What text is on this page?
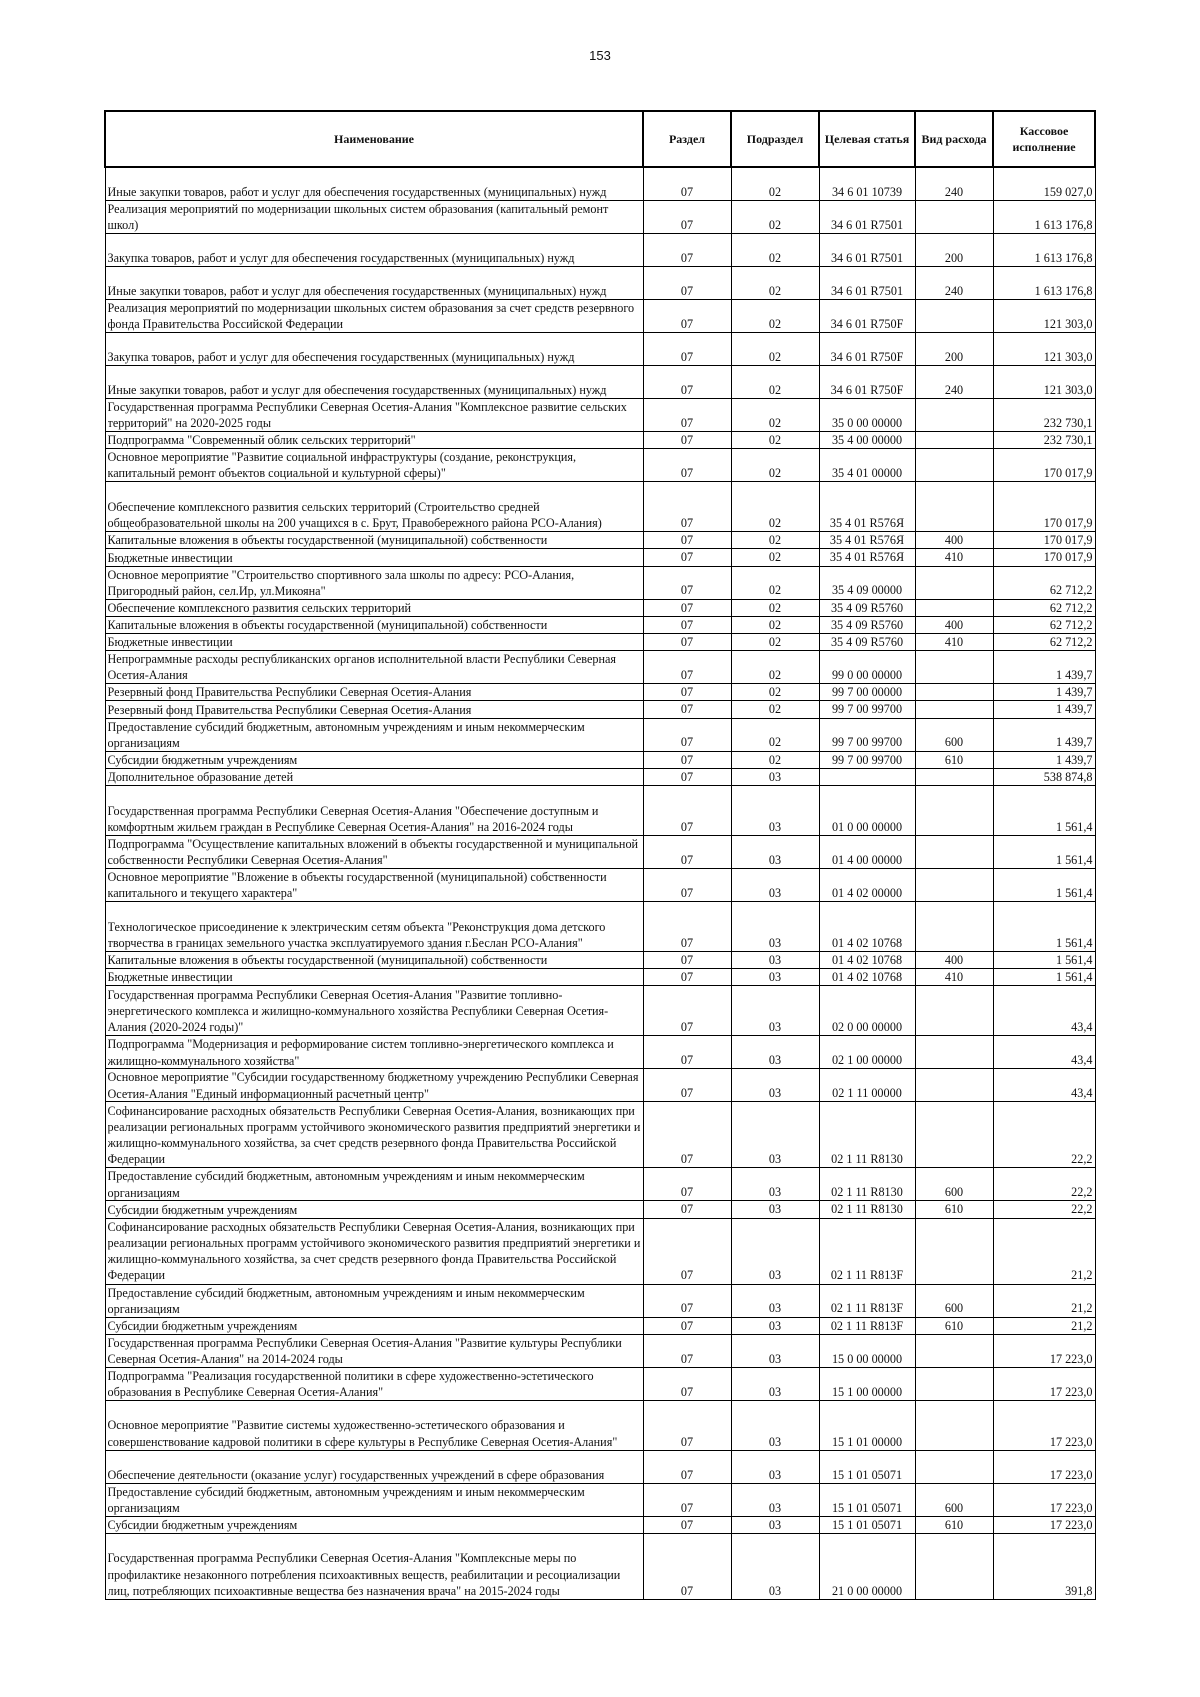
153
Наименование	Раздел	Подраздел	Целевая статья	Вид расхода	Кассовое исполнение

Иные закупки товаров, работ и услуг для обеспечения государственных (муниципальных) нужд	07	02	34 6 01 10739	240	159 027,0

Реализация мероприятий по модернизации школьных систем образования (капитальный ремонт школ)	07	02	34 6 01 R7501		1 613 176,8

Закупка товаров, работ и услуг для обеспечения государственных (муниципальных) нужд	07	02	34 6 01 R7501	200	1 613 176,8

Иные закупки товаров, работ и услуг для обеспечения государственных (муниципальных) нужд	07	02	34 6 01 R7501	240	1 613 176,8

Реализация мероприятий по модернизации школьных систем образования за счет средств резервного фонда Правительства Российской Федерации	07	02	34 6 01 R750F		121 303,0

Закупка товаров, работ и услуг для обеспечения государственных (муниципальных) нужд	07	02	34 6 01 R750F	200	121 303,0

Иные закупки товаров, работ и услуг для обеспечения государственных (муниципальных) нужд	07	02	34 6 01 R750F	240	121 303,0

Государственная программа Республики Северная Осетия-Алания "Комплексное развитие сельских территорий" на 2020-2025 годы	07	02	35 0 00 00000		232 730,1

Подпрограмма "Современный облик сельских территорий"	07	02	35 4 00 00000		232 730,1

Основное мероприятие "Развитие социальной инфраструктуры (создание, реконструкция, капитальный ремонт объектов социальной и культурной сферы)"	07	02	35 4 01 00000		170 017,9

Обеспечение комплексного развития сельских территорий (Строительство средней общеобразовательной школы на 200 учащихся в с. Брут, Правобережного района РСО-Алания)	07	02	35 4 01 R576Я		170 017,9

Капитальные вложения в объекты государственной (муниципальной) собственности	07	02	35 4 01 R576Я	400	170 017,9

Бюджетные инвестиции	07	02	35 4 01 R576Я	410	170 017,9

Основное мероприятие "Строительство спортивного зала школы по адресу: РСО-Алания, Пригородный район, сел.Ир, ул.Микояна"	07	02	35 4 09 00000		62 712,2

Обеспечение комплексного развития сельских территорий	07	02	35 4 09 R5760		62 712,2

Капитальные вложения в объекты государственной (муниципальной) собственности	07	02	35 4 09 R5760	400	62 712,2

Бюджетные инвестиции	07	02	35 4 09 R5760	410	62 712,2

Непрограммные расходы республиканских органов исполнительной власти Республики Северная Осетия-Алания	07	02	99 0 00 00000		1 439,7

Резервный фонд Правительства Республики Северная Осетия-Алания	07	02	99 7 00 00000		1 439,7

Резервный фонд Правительства Республики Северная Осетия-Алания	07	02	99 7 00 99700		1 439,7

Предоставление субсидий бюджетным, автономным учреждениям и иным некоммерческим организациям	07	02	99 7 00 99700	600	1 439,7

Субсидии бюджетным учреждениям	07	02	99 7 00 99700	610	1 439,7

Дополнительное образование детей	07	03			538 874,8

Государственная программа Республики Северная Осетия-Алания "Обеспечение доступным и комфортным жильем граждан в Республике Северная Осетия-Алания" на 2016-2024 годы	07	03	01 0 00 00000		1 561,4

Подпрограмма "Осуществление капитальных вложений в объекты государственной и муниципальной собственности Республики Северная Осетия-Алания"	07	03	01 4 00 00000		1 561,4

Основное мероприятие "Вложение в объекты государственной (муниципальной) собственности капитального и текущего характера"	07	03	01 4 02 00000		1 561,4

Технологическое присоединение к электрическим сетям объекта "Реконструкция дома детского творчества в границах земельного участка эксплуатируемого здания г.Беслан РСО-Алания"	07	03	01 4 02 10768		1 561,4

Капитальные вложения в объекты государственной (муниципальной) собственности	07	03	01 4 02 10768	400	1 561,4

Бюджетные инвестиции	07	03	01 4 02 10768	410	1 561,4

Государственная программа Республики Северная Осетия-Алания "Развитие топливно-энергетического комплекса и жилищно-коммунального хозяйства Республики Северная Осетия-Алания (2020-2024 годы)"	07	03	02 0 00 00000		43,4

Подпрограмма "Модернизация и реформирование систем топливно-энергетического комплекса и жилищно-коммунального хозяйства"	07	03	02 1 00 00000		43,4

Основное мероприятие "Субсидии государственному бюджетному учреждению Республики Северная Осетия-Алания "Единый информационный расчетный центр"	07	03	02 1 11 00000		43,4

Софинансирование расходных обязательств Республики Северная Осетия-Алания, возникающих при реализации региональных программ устойчивого экономического развития предприятий энергетики и жилищно-коммунального хозяйства, за счет средств резервного фонда Правительства Российской Федерации	07	03	02 1 11 R8130		22,2

Предоставление субсидий бюджетным, автономным учреждениям и иным некоммерческим организациям	07	03	02 1 11 R8130	600	22,2

Субсидии бюджетным учреждениям	07	03	02 1 11 R8130	610	22,2

Софинансирование расходных обязательств Республики Северная Осетия-Алания, возникающих при реализации региональных программ устойчивого экономического развития предприятий энергетики и жилищно-коммунального хозяйства, за счет средств резервного фонда Правительства Российской Федерации	07	03	02 1 11 R813F		21,2

Предоставление субсидий бюджетным, автономным учреждениям и иным некоммерческим организациям	07	03	02 1 11 R813F	600	21,2

Субсидии бюджетным учреждениям	07	03	02 1 11 R813F	610	21,2

Государственная программа Республики Северная Осетия-Алания "Развитие культуры Республики Северная Осетия-Алания" на 2014-2024 годы	07	03	15 0 00 00000		17 223,0

Подпрограмма "Реализация государственной политики в сфере художественно-эстетического образования в Республике Северная Осетия-Алания"	07	03	15 1 00 00000		17 223,0

Основное мероприятие "Развитие системы художественно-эстетического образования и совершенствование кадровой политики в сфере культуры в Республике Северная Осетия-Алания"	07	03	15 1 01 00000		17 223,0

Обеспечение деятельности (оказание услуг) государственных учреждений в сфере образования	07	03	15 1 01 05071		17 223,0

Предоставление субсидий бюджетным, автономным учреждениям и иным некоммерческим организациям	07	03	15 1 01 05071	600	17 223,0

Субсидии бюджетным учреждениям	07	03	15 1 01 05071	610	17 223,0

Государственная программа Республики Северная Осетия-Алания "Комплексные меры по профилактике незаконного потребления психоактивных веществ, реабилитации и ресоциализации лиц, потребляющих психоактивные вещества без назначения врача" на 2015-2024 годы	07	03	21 0 00 00000		391,8
